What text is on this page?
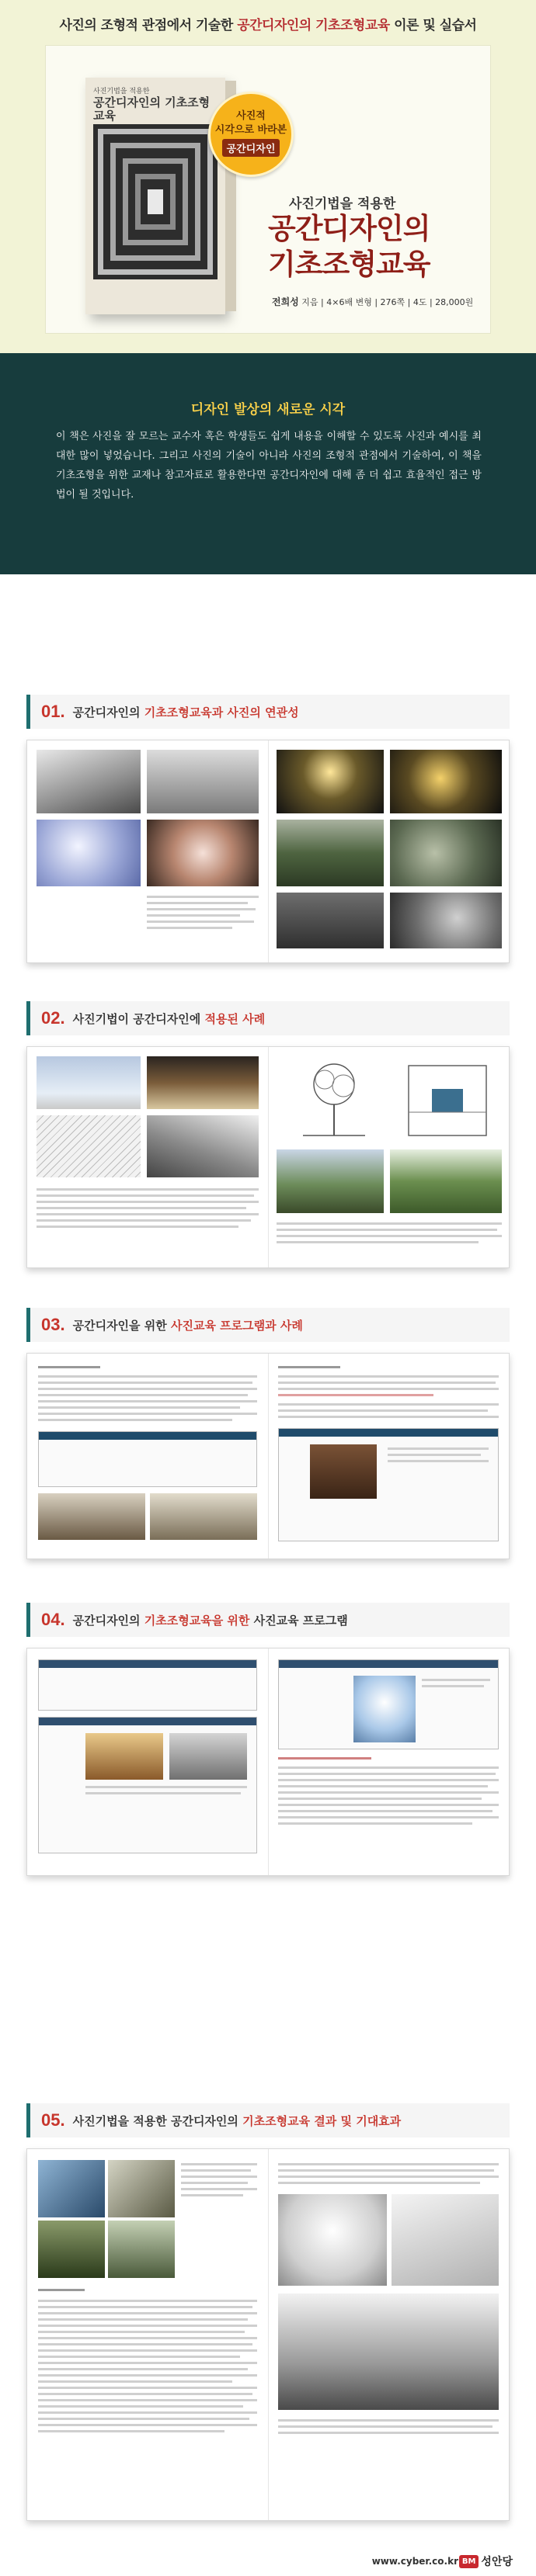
사진의 조형적 관점에서 기술한 공간디자인의 기초조형교육 이론 및 실습서
사진기법을 적용한
공간디자인의 기초조형교육	사진적
시각으로 바라본
공간디자인
사진기법을 적용한
공간디자인의
기초조형교육
전희성 지음 | 4×6배 변형 | 276쪽 | 4도 | 28,000원
디자인 발상의 새로운 시각
이 책은 사진을 잘 모르는 교수자 혹은 학생들도 쉽게 내용을 이해할 수 있도록 사진과 예시를 최대한 많이 넣었습니다. 그리고 사진의 기술이 아니라 사진의 조형적 관점에서 기술하여, 이 책을 기초조형을 위한 교재나 참고자료로 활용한다면 공간디자인에 대해 좀 더 쉽고 효율적인 접근 방법이 될 것입니다.
01. 공간디자인의 기초조형교육과 사진의 연관성
02. 사진기법이 공간디자인에 적용된 사례
03. 공간디자인을 위한 사진교육 프로그램과 사례
04. 공간디자인의 기초조형교육을 위한 사진교육 프로그램
05. 사진기법을 적용한 공간디자인의 기초조형교육 결과 및 기대효과
www.cyber.co.kr BM 성안당
